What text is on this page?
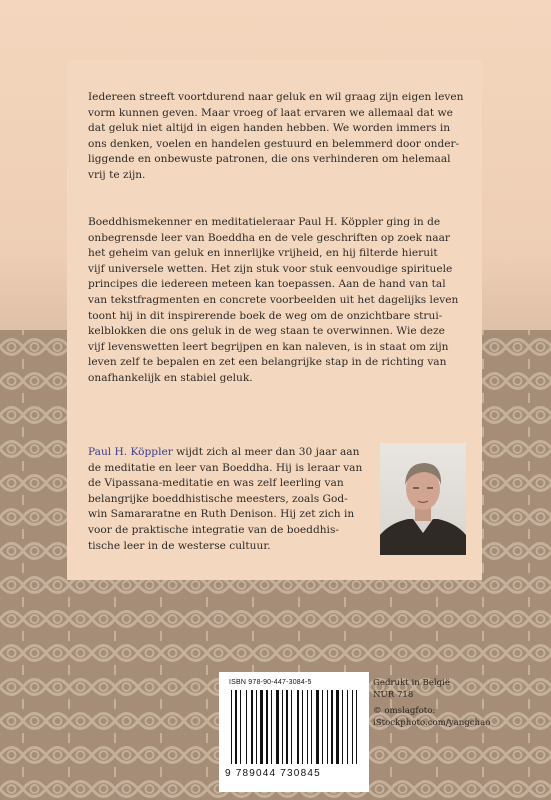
Iedereen streeft voortdurend naar geluk en wil graag zijn eigen leven
vorm kunnen geven. Maar vroeg of laat ervaren we allemaal dat we
dat geluk niet altijd in eigen handen hebben. We worden immers in
ons denken, voelen en handelen gestuurd en belemmerd door onder-
liggende en onbewuste patronen, die ons verhinderen om helemaal
vrij te zijn.
Boeddhismekenner en meditatieleraar Paul H. Köppler ging in de
onbegrensde leer van Boeddha en de vele geschriften op zoek naar
het geheim van geluk en innerlijke vrijheid, en hij filterde hieruit
vijf universele wetten. Het zijn stuk voor stuk eenvoudige spirituele
principes die iedereen meteen kan toepassen. Aan de hand van tal
van tekstfragmenten en concrete voorbeelden uit het dagelijks leven
toont hij in dit inspirerende boek de weg om de onzichtbare strui-
kelblokken die ons geluk in de weg staan te overwinnen. Wie deze
vijf levenswetten leert begrijpen en kan naleven, is in staat om zijn
leven zelf te bepalen en zet een belangrijke stap in de richting van
onafhankelijk en stabiel geluk.
Paul H. Köppler wijdt zich al meer dan 30 jaar aan
de meditatie en leer van Boeddha. Hij is leraar van
de Vipassana-meditatie en was zelf leerling van
belangrijke boeddhistische meesters, zoals God-
win Samararatne en Ruth Denison. Hij zet zich in
voor de praktische integratie van de boeddhis-
tische leer in de westerse cultuur.
ISBN 978-90-447-3084-5
9 789044 730845
Gedrukt in België
NUR 718
© omslagfoto:
iStockphoto.com/yangchao
